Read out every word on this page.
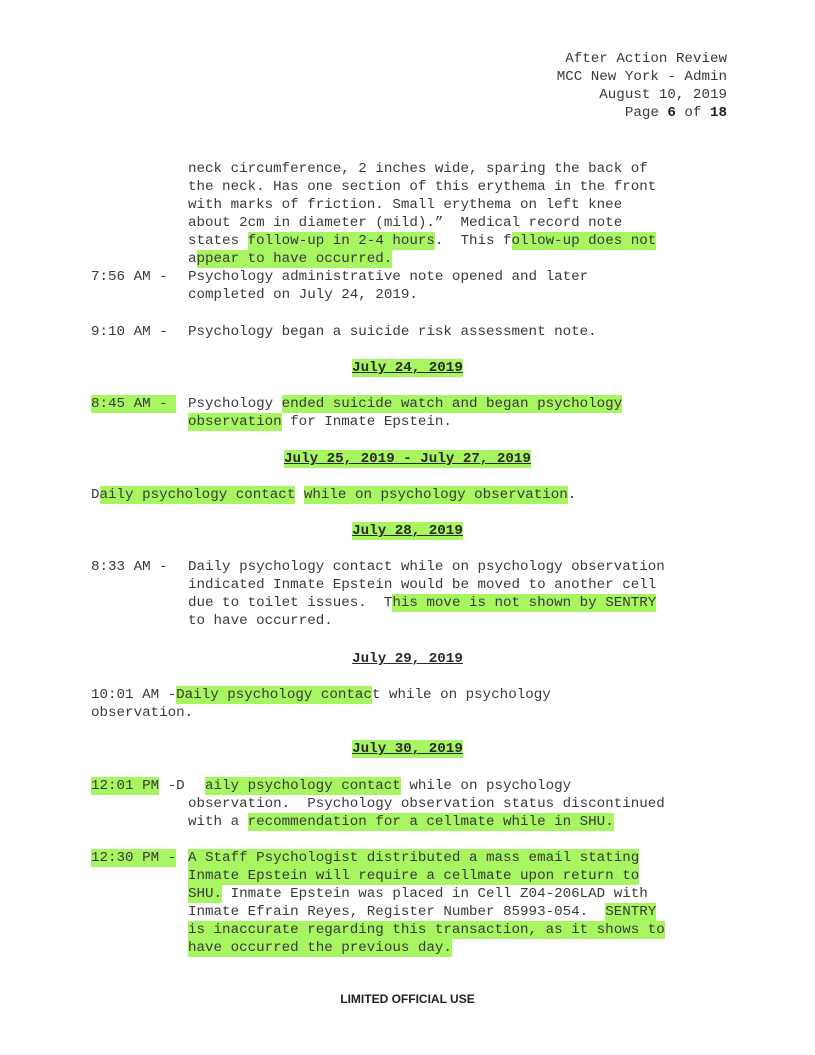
After Action Review
MCC New York - Admin
August 10, 2019
Page 6 of 18

neck circumference, 2 inches wide, sparing the back of
the neck. Has one section of this erythema in the front
with marks of friction. Small erythema on left knee
about 2cm in diameter (mild).”  Medical record note
states follow-up in 2-4 hours.  This follow-up does not
appear to have occurred.

7:56 AM - Psychology administrative note opened and later
completed on July 24, 2019.
9:10 AM - Psychology began a suicide risk assessment note.
July 24, 2019
8:45 AM - Psychology ended suicide watch and began psychology
observation for Inmate Epstein.
July 25, 2019 - July 27, 2019
Daily psychology contact while on psychology observation.
July 28, 2019
8:33 AM - Daily psychology contact while on psychology observation
indicated Inmate Epstein would be moved to another cell
due to toilet issues.  This move is not shown by SENTRY
to have occurred.
July 29, 2019
10:01 AM -Daily psychology contact while on psychology
observation.
July 30, 2019
12:01 PM -D aily psychology contact while on psychology
observation.  Psychology observation status discontinued
with a recommendation for a cellmate while in SHU.
12:30 PM - A Staff Psychologist distributed a mass email stating
Inmate Epstein will require a cellmate upon return to
SHU. Inmate Epstein was placed in Cell Z04-206LAD with
Inmate Efrain Reyes, Register Number 85993-054.  SENTRY
is inaccurate regarding this transaction, as it shows to
have occurred the previous day.
LIMITED OFFICIAL USE
